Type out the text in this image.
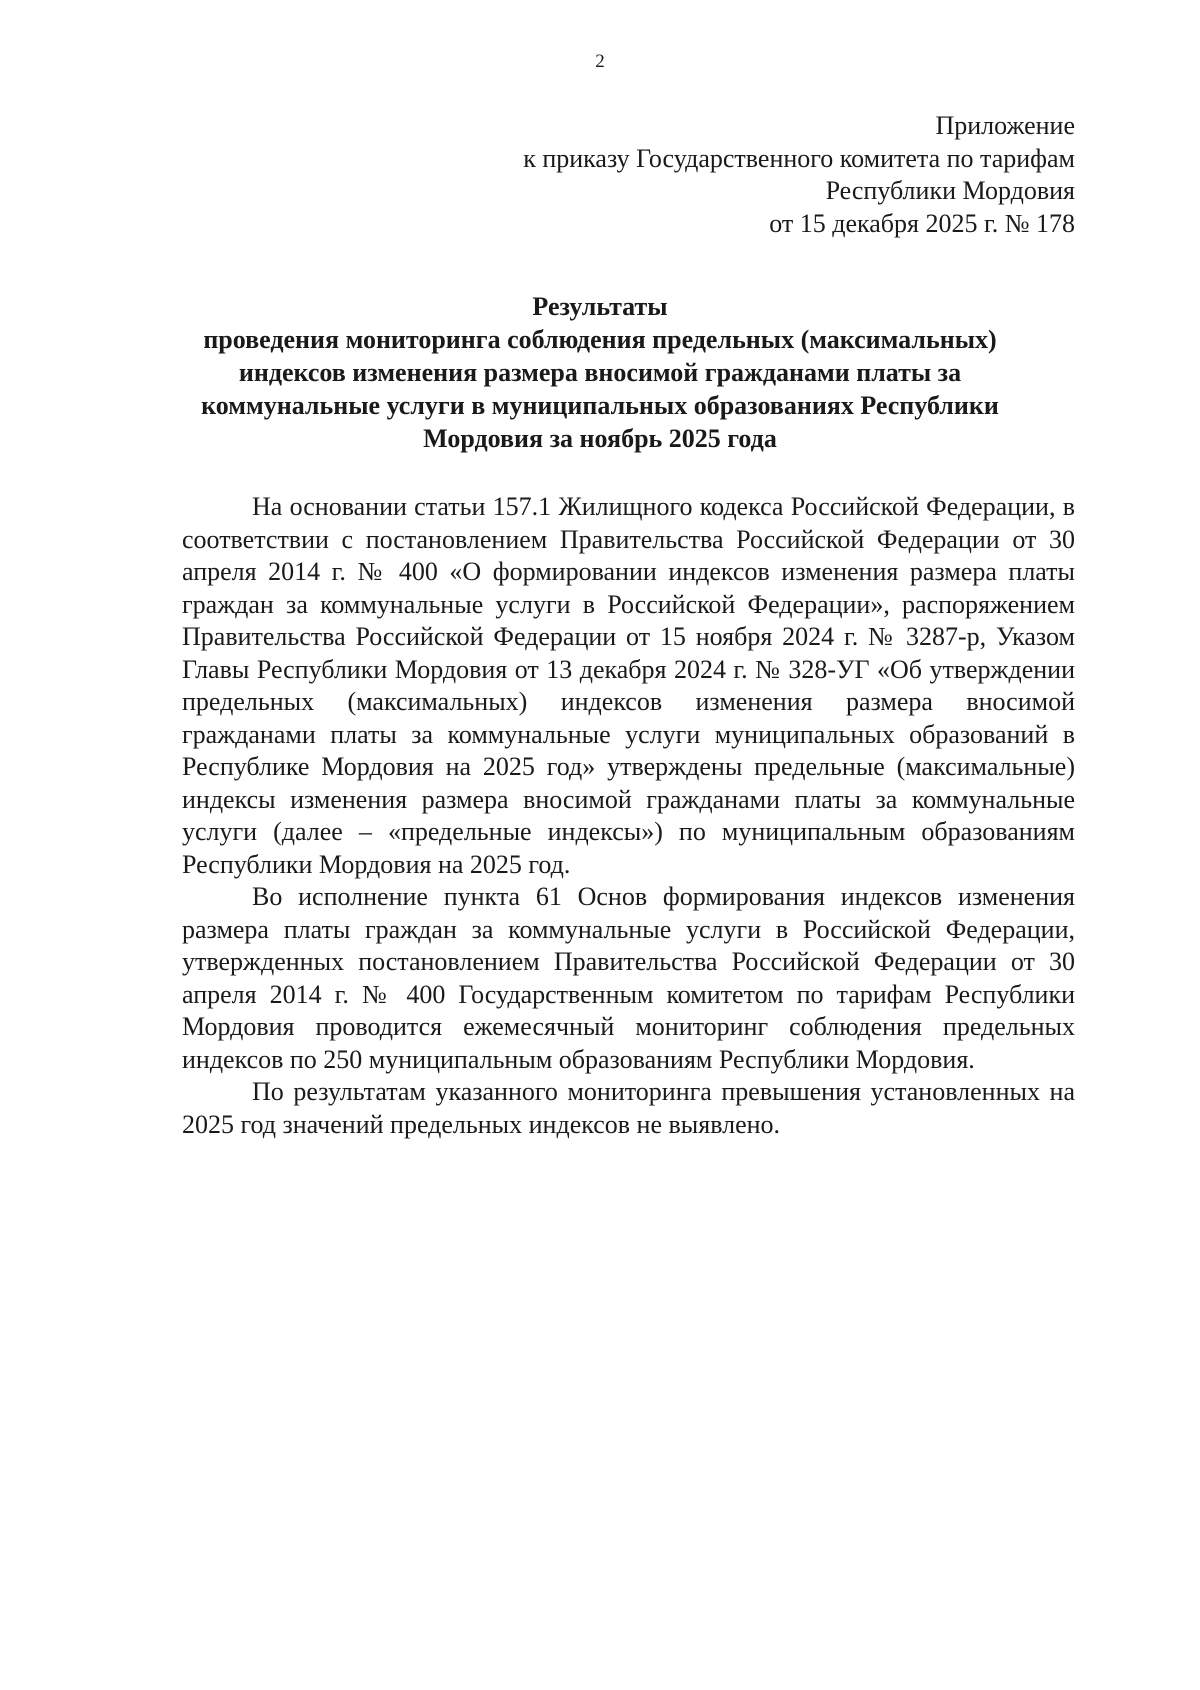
2
Приложение
к приказу Государственного комитета по тарифам
Республики Мордовия
от 15 декабря 2025 г. № 178
Результаты
проведения мониторинга соблюдения предельных (максимальных)
индексов изменения размера вносимой гражданами платы за
коммунальные услуги в муниципальных образованиях Республики
Мордовия за ноябрь 2025 года

На основании статьи 157.1 Жилищного кодекса Российской Федерации, в соответствии с постановлением Правительства Российской Федерации от 30 апреля 2014 г. № 400 «О формировании индексов изменения размера платы граждан за коммунальные услуги в Российской Федерации», распоряжением Правительства Российской Федерации от 15 ноября 2024 г. № 3287-р, Указом Главы Республики Мордовия от 13 декабря 2024 г. № 328-УГ «Об утверждении предельных (максимальных) индексов изменения размера вносимой гражданами платы за коммунальные услуги муниципальных образований в Республике Мордовия на 2025 год» утверждены предельные (максимальные) индексы изменения размера вносимой гражданами платы за коммунальные услуги (далее – «предельные индексы») по муниципальным образованиям Республики Мордовия на 2025 год.

Во исполнение пункта 61 Основ формирования индексов изменения размера платы граждан за коммунальные услуги в Российской Федерации, утвержденных постановлением Правительства Российской Федерации от 30 апреля 2014 г. № 400 Государственным комитетом по тарифам Республики Мордовия проводится ежемесячный мониторинг соблюдения предельных индексов по 250 муниципальным образованиям Республики Мордовия.

По результатам указанного мониторинга превышения установленных на 2025 год значений предельных индексов не выявлено.
